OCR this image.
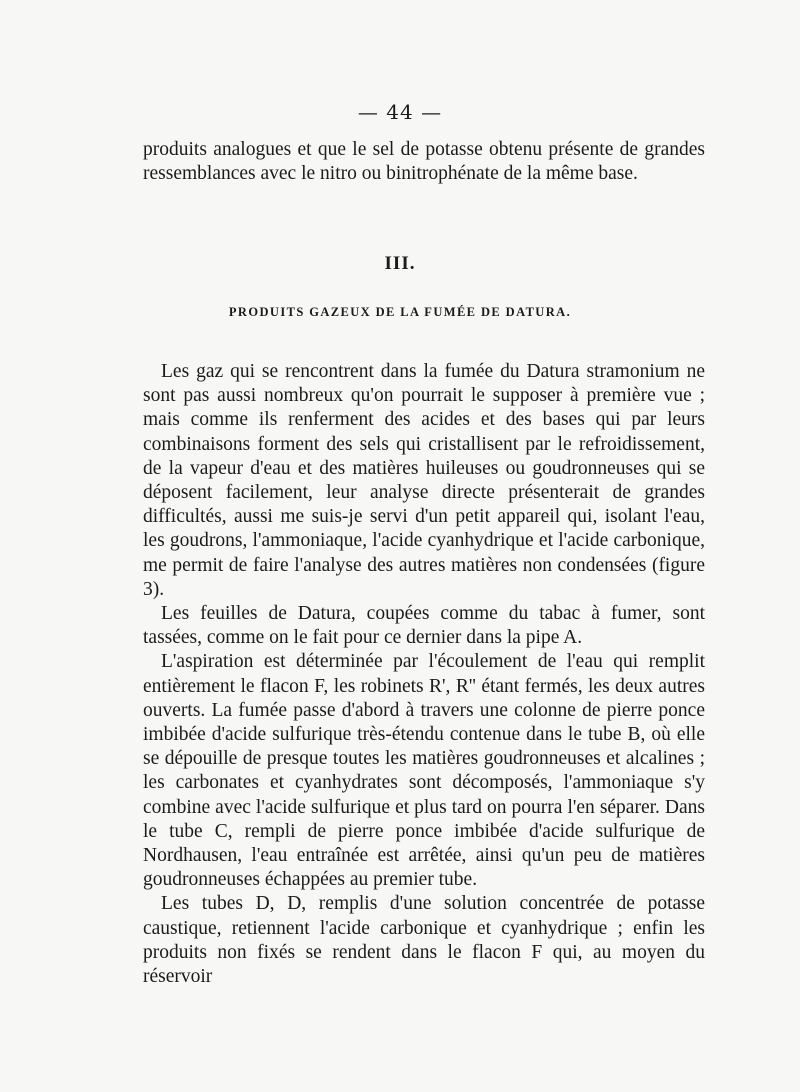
— 44 —

produits analogues et que le sel de potasse obtenu présente de grandes ressemblances avec le nitro ou binitrophénate de la même base.

III.
PRODUITS GAZEUX DE LA FUMÉE DE DATURA.

Les gaz qui se rencontrent dans la fumée du Datura stramonium ne sont pas aussi nombreux qu'on pourrait le supposer à première vue ; mais comme ils renferment des acides et des bases qui par leurs combinaisons forment des sels qui cristallisent par le refroidissement, de la vapeur d'eau et des matières huileuses ou goudronneuses qui se déposent facilement, leur analyse directe présenterait de grandes difficultés, aussi me suis-je servi d'un petit appareil qui, isolant l'eau, les goudrons, l'ammoniaque, l'acide cyanhydrique et l'acide carbonique, me permit de faire l'analyse des autres matières non condensées (figure 3).

Les feuilles de Datura, coupées comme du tabac à fumer, sont tassées, comme on le fait pour ce dernier dans la pipe A.

L'aspiration est déterminée par l'écoulement de l'eau qui remplit entièrement le flacon F, les robinets R', R'' étant fermés, les deux autres ouverts. La fumée passe d'abord à travers une colonne de pierre ponce imbibée d'acide sulfurique très-étendu contenue dans le tube B, où elle se dépouille de presque toutes les matières goudronneuses et alcalines ; les carbonates et cyanhydrates sont décomposés, l'ammoniaque s'y combine avec l'acide sulfurique et plus tard on pourra l'en séparer. Dans le tube C, rempli de pierre ponce imbibée d'acide sulfurique de Nordhausen, l'eau entraînée est arrêtée, ainsi qu'un peu de matières goudronneuses échappées au premier tube.

Les tubes D, D, remplis d'une solution concentrée de potasse caustique, retiennent l'acide carbonique et cyanhydrique ; enfin les produits non fixés se rendent dans le flacon F qui, au moyen du réservoir
